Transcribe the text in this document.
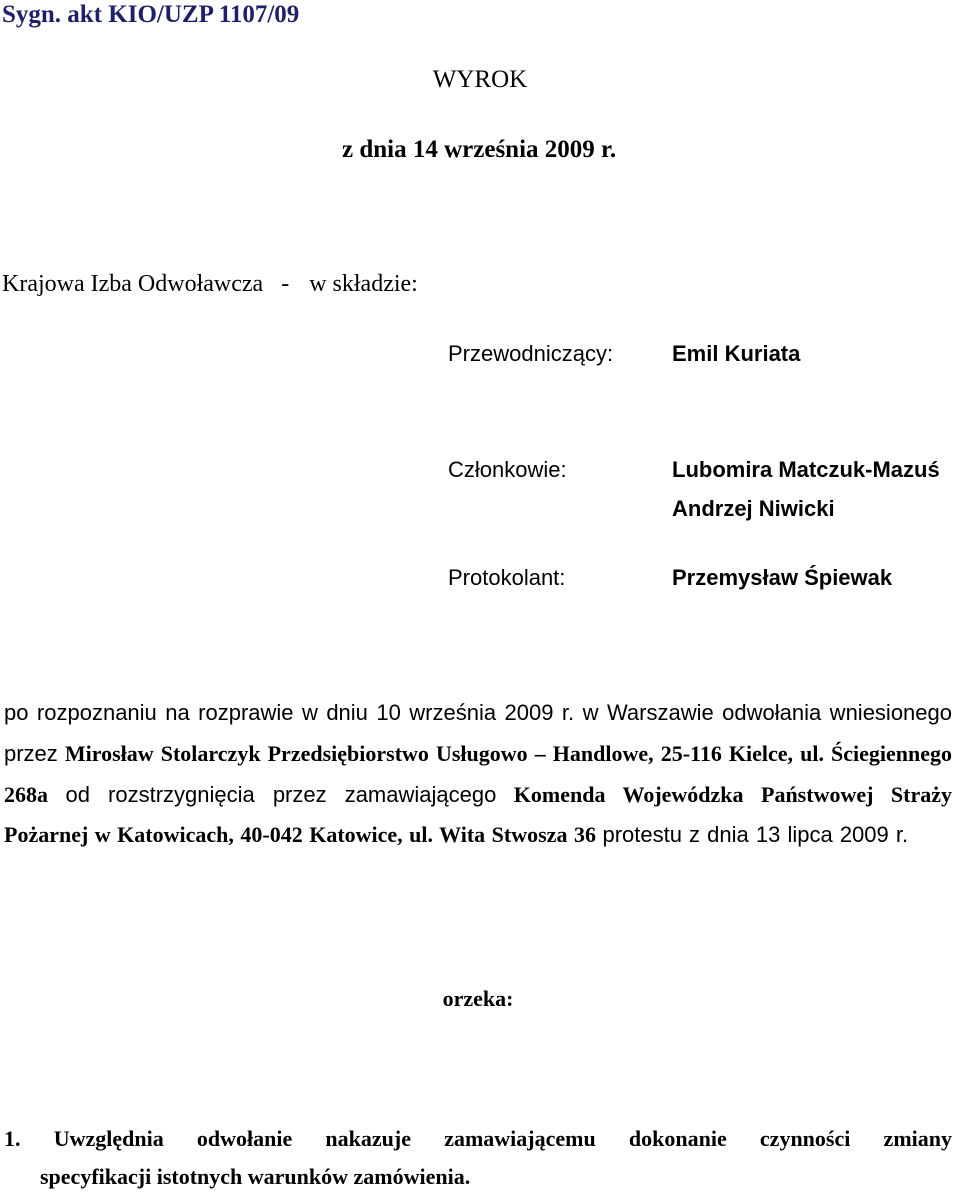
Sygn. akt KIO/UZP 1107/09
WYROK
z dnia 14 września 2009 r.
Krajowa Izba Odwoławcza - w składzie:
Przewodniczący:	Emil Kuriata
Członkowie:	Lubomira Matczuk-Mazuś
Andrzej Niwicki
Protokolant:	Przemysław Śpiewak
po rozpoznaniu na rozprawie w dniu 10 września 2009 r. w Warszawie odwołania wniesionego przez Mirosław Stolarczyk Przedsiębiorstwo Usługowo – Handlowe, 25-116 Kielce, ul. Ściegiennego 268a od rozstrzygnięcia przez zamawiającego Komenda Wojewódzka Państwowej Straży Pożarnej w Katowicach, 40-042 Katowice, ul. Wita Stwosza 36 protestu z dnia 13 lipca 2009 r.
orzeka:
1. Uwzględnia odwołanie nakazuje zamawiającemu dokonanie czynności zmiany
specyfikacji istotnych warunków zamówienia.
